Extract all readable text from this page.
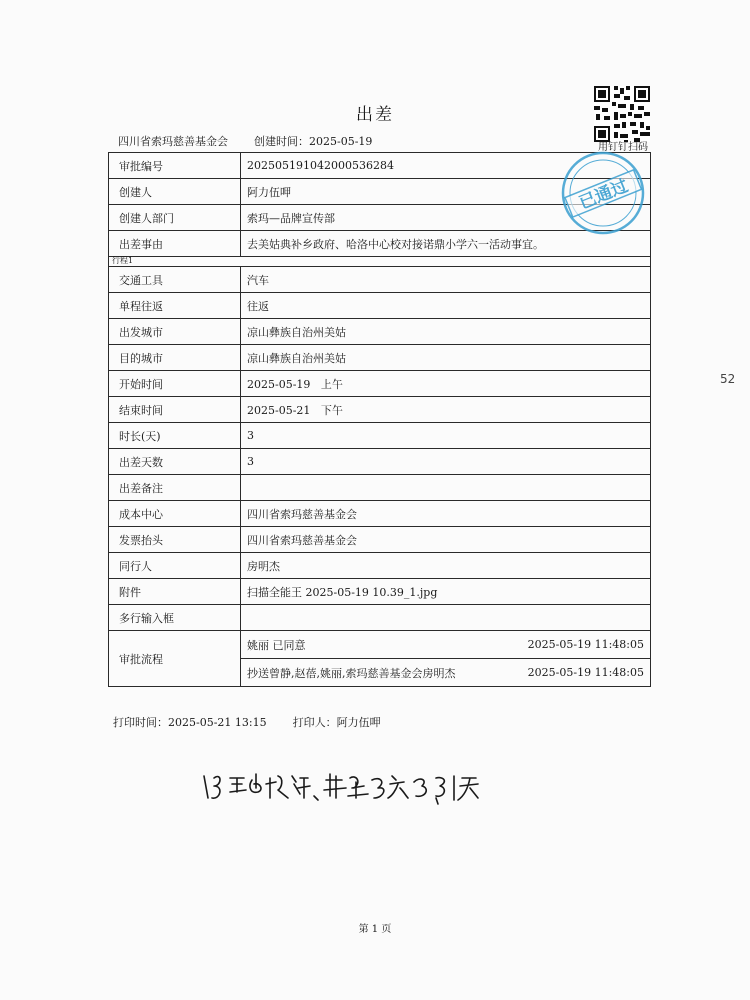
出差
四川省索玛慈善基金会 创建时间：2025-05-19	用钉钉扫码
审批编号	20250519104200053628​4
创建人	阿力伍呷
创建人部门	索玛—品牌宣传部
出差事由	去美姑典补乡政府、哈洛中心校对接诺鼎小学六一活动事宜。
行程1	
交通工具	汽车
单程往返	往返
出发城市	凉山彝族自治州美姑
目的城市	凉山彝族自治州美姑
开始时间	2025-05-19 上午
结束时间	2025-05-21 下午
时长(天)	3
出差天数	3
出差备注	
成本中心	四川省索玛慈善基金会
发票抬头	四川省索玛慈善基金会
同行人	房明杰
附件	扫描全能王 2025-05-19 10.39_1.jpg
多行输入框	
审批流程	姚丽 已同意 2025-05-19 11:48:05
抄送曾静,赵蓓,姚丽,索玛慈善基金会房明杰 2025-05-19 11:48:05
已通过
打印时间：2025-05-21 13:15 打印人：阿力伍呷
第 1 页
52
